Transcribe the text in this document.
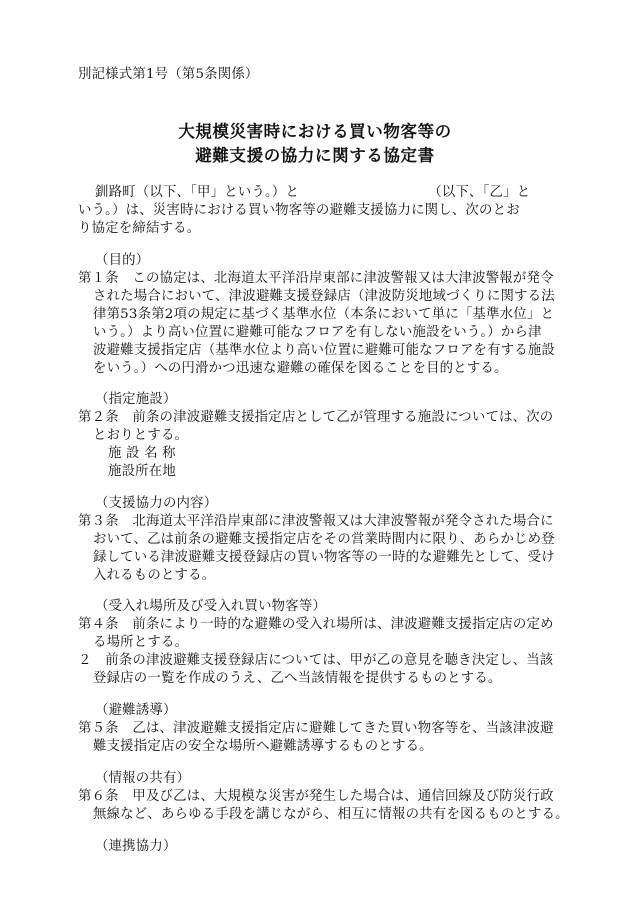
別記様式第1号（第5条関係）
大規模災害時における買い物客等の
避難支援の協力に関する協定書
釧路町（以下、「甲」という。）と　　　　　　　　　　（以下、「乙」と
いう。）は、災害時における買い物客等の避難支援協力に関し、次のとお
り協定を締結する。
（目的）
第１条　この協定は、北海道太平洋沿岸東部に津波警報又は大津波警報が発令
された場合において、津波避難支援登録店（津波防災地域づくりに関する法
律第53条第2項の規定に基づく基準水位（本条において単に「基準水位」と
いう。）より高い位置に避難可能なフロアを有しない施設をいう。）から津
波避難支援指定店（基準水位より高い位置に避難可能なフロアを有する施設
をいう。）への円滑かつ迅速な避難の確保を図ることを目的とする。
（指定施設）
第２条　前条の津波避難支援指定店として乙が管理する施設については、次の
とおりとする。
施 設 名 称
施設所在地
（支援協力の内容）
第３条　北海道太平洋沿岸東部に津波警報又は大津波警報が発令された場合に
おいて、乙は前条の避難支援指定店をその営業時間内に限り、あらかじめ登
録している津波避難支援登録店の買い物客等の一時的な避難先として、受け
入れるものとする。
（受入れ場所及び受入れ買い物客等）
第４条　前条により一時的な避難の受入れ場所は、津波避難支援指定店の定め
る場所とする。
２　前条の津波避難支援登録店については、甲が乙の意見を聴き決定し、当該
登録店の一覧を作成のうえ、乙へ当該情報を提供するものとする。
（避難誘導）
第５条　乙は、津波避難支援指定店に避難してきた買い物客等を、当該津波避
難支援指定店の安全な場所へ避難誘導するものとする。
（情報の共有）
第６条　甲及び乙は、大規模な災害が発生した場合は、通信回線及び防災行政
無線など、あらゆる手段を講じながら、相互に情報の共有を図るものとする。
（連携協力）
